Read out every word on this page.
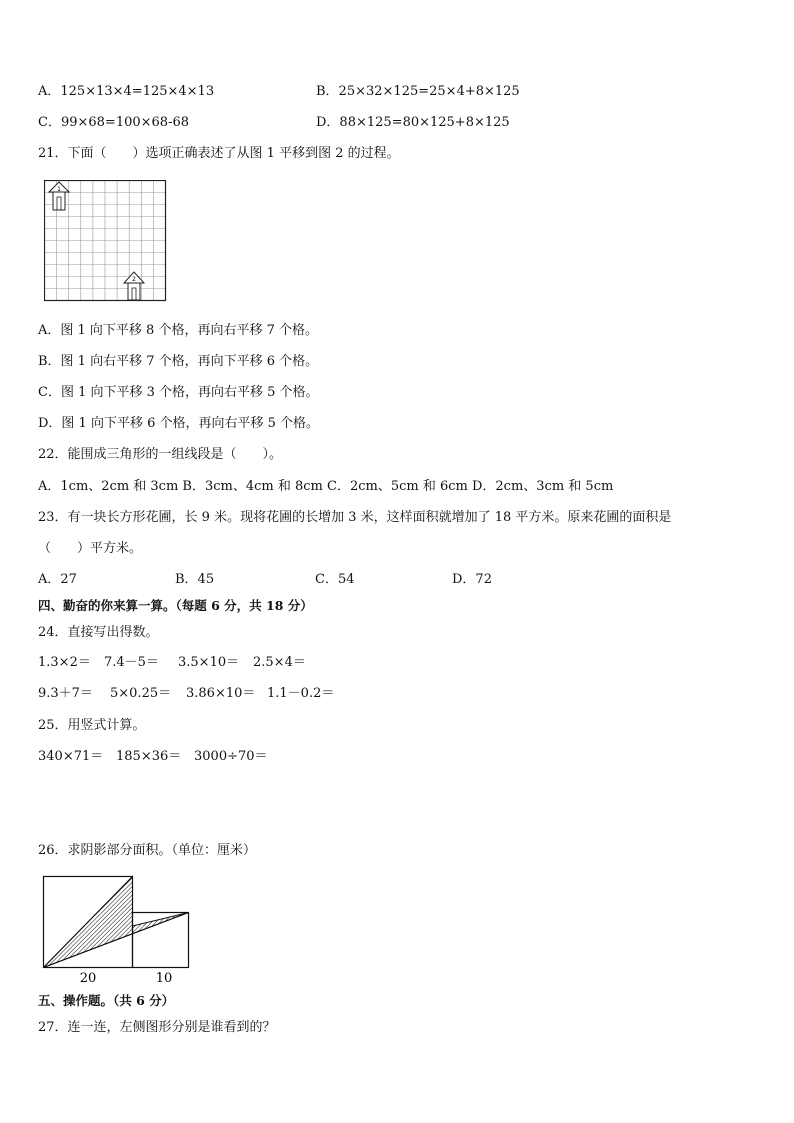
A．125×13×4=125×4×13	B．25×32×125=25×4+8×125
C．99×68=100×68-68	D．88×125=80×125+8×125
21．下面（　　）选项正确表述了从图 1 平移到图 2 的过程。
1
2
A．图 1 向下平移 8 个格，再向右平移 7 个格。
B．图 1 向右平移 7 个格，再向下平移 6 个格。
C．图 1 向下平移 3 个格，再向右平移 5 个格。
D．图 1 向下平移 6 个格，再向右平移 5 个格。
22．能围成三角形的一组线段是（　　）。
A．1cm、2cm 和 3cm B．3cm、4cm 和 8cm C．2cm、5cm 和 6cm D．2cm、3cm 和 5cm
23．有一块长方形花圃，长 9 米。现将花圃的长增加 3 米，这样面积就增加了 18 平方米。原来花圃的面积是
（　　）平方米。
A．27	B．45	C．54	D．72
四、勤奋的你来算一算。（每题 6 分，共 18 分）
24．直接写出得数。
1.3×2＝ 7.4－5＝ 3.5×10＝ 2.5×4＝
9.3＋7＝ 5×0.25＝ 3.86×10＝ 1.1－0.2＝
25．用竖式计算。
340×71＝ 185×36＝ 3000÷70＝
26．求阴影部分面积。（单位：厘米）
20	10
五、操作题。（共 6 分）
27．连一连，左侧图形分别是谁看到的？
